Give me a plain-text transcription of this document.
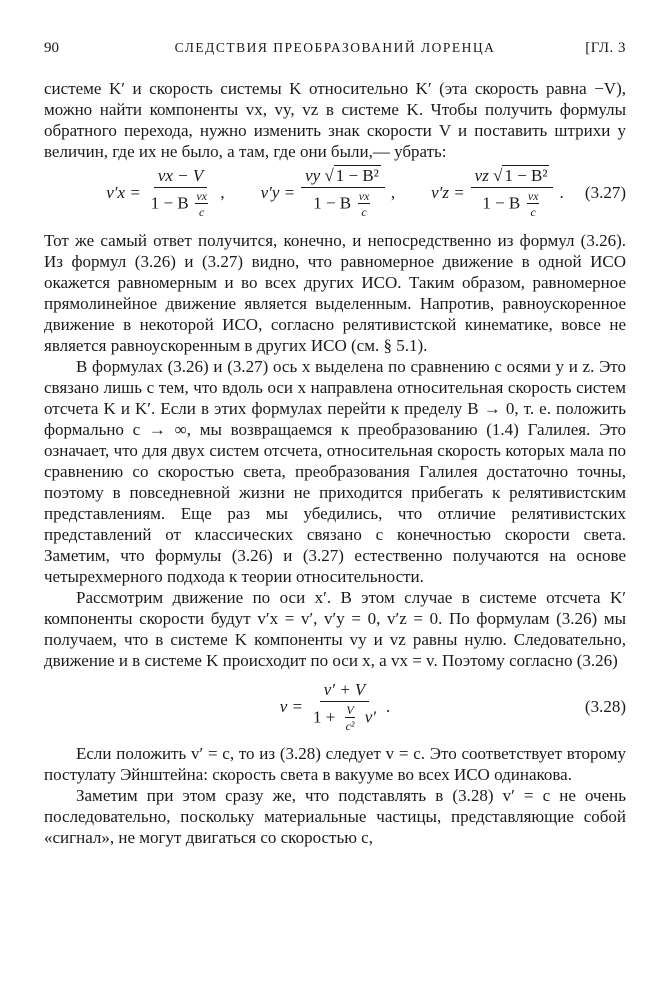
90	СЛЕДСТВИЯ ПРЕОБРАЗОВАНИЙ ЛОРЕНЦА	[ГЛ. 3

системе K′ и скорость системы K относительно K′ (эта скорость равна −V), можно найти компоненты vx, vy, vz в системе K. Чтобы получить формулы обратного перехода, нужно изменить знак скорости V и поставить штрихи у величин, где их не было, а там, где они были,— убрать:

$v'x = \frac{vx - V}{1 - B \frac{vx}{c}}$ , $v'y = \frac{\text{vy √ 1 − B²}}{1 - B \frac{vx}{c}}$ , $v'z = \frac{\text{vz √ 1 − B²}}{1 - B \frac{vx}{c}}$ . (3.27)

Тот же самый ответ получится, конечно, и непосредственно из формул (3.26). Из формул (3.26) и (3.27) видно, что равномерное движение в одной ИСО окажется равномерным и во всех других ИСО. Таким образом, равномерное прямолинейное движение является выделенным. Напротив, равноускоренное движение в некоторой ИСО, согласно релятивистской кинематике, вовсе не является равноускоренным в других ИСО (см. § 5.1).

В формулах (3.26) и (3.27) ось x выделена по сравнению с осями y и z. Это связано лишь с тем, что вдоль оси x направлена относительная скорость систем отсчета K и K′. Если в этих формулах перейти к пределу B → 0, т. е. положить формально c → ∞, мы возвращаемся к преобразованию (1.4) Галилея. Это означает, что для двух систем отсчета, относительная скорость которых мала по сравнению со скоростью света, преобразования Галилея достаточно точны, поэтому в повседневной жизни не приходится прибегать к релятивистским представлениям. Еще раз мы убедились, что отличие релятивистских представлений от классических связано с конечностью скорости света. Заметим, что формулы (3.26) и (3.27) естественно получаются на основе четырехмерного подхода к теории относительности.

Рассмотрим движение по оси x′. В этом случае в системе отсчета K′ компоненты скорости будут v′x = v′, v′y = 0, v′z = 0. По формулам (3.26) мы получаем, что в системе K компоненты vy и vz равны нулю. Следовательно, движение и в системе K происходит по оси x, а vx = v. Поэтому согласно (3.26)

$v = \frac{v' + V}{1 + \frac{V}{\text{c²}} v'}$ .	(3.28)

Если положить v′ = c, то из (3.28) следует v = c. Это соответствует второму постулату Эйнштейна: скорость света в вакууме во всех ИСО одинакова.

Заметим при этом сразу же, что подставлять в (3.28) v′ = c не очень последовательно, поскольку материальные частицы, представляющие собой «сигнал», не могут двигаться со скоростью c,
